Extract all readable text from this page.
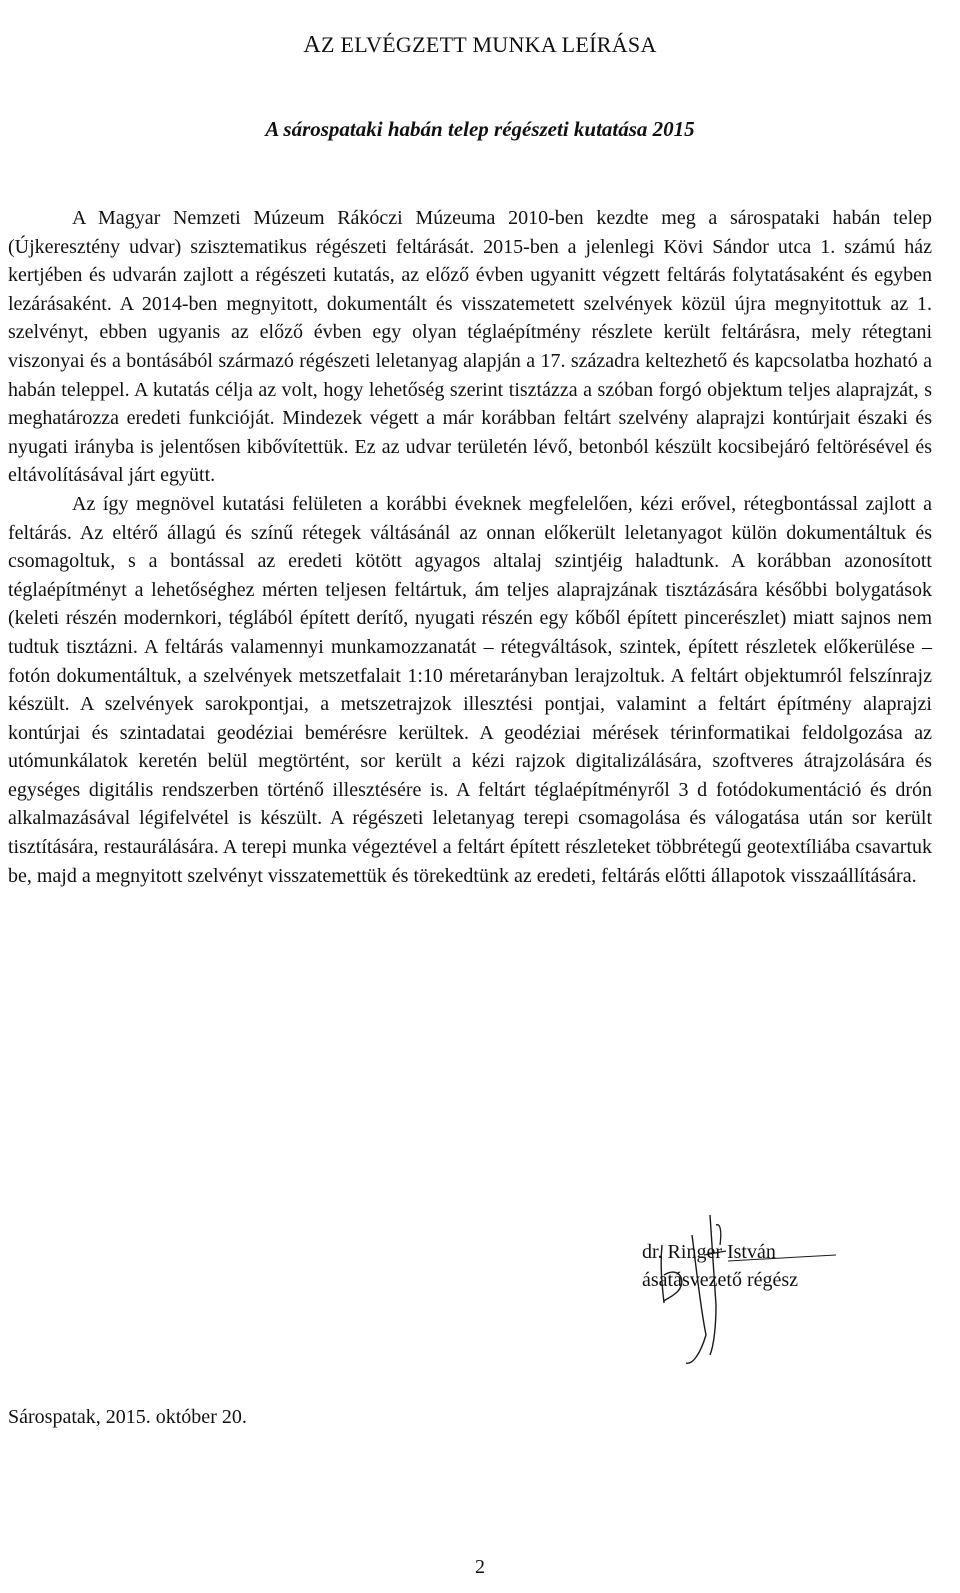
AZ ELVÉGZETT MUNKA LEÍRÁSA
A sárospataki habán telep régészeti kutatása 2015

A Magyar Nemzeti Múzeum Rákóczi Múzeuma 2010-ben kezdte meg a sárospataki habán telep (Újkeresztény udvar) szisztematikus régészeti feltárását. 2015-ben a jelenlegi Kövi Sándor utca 1. számú ház kertjében és udvarán zajlott a régészeti kutatás, az előző évben ugyanitt végzett feltárás folytatásaként és egyben lezárásaként. A 2014-ben megnyitott, dokumentált és visszatemetett szelvények közül újra megnyitottuk az 1. szelvényt, ebben ugyanis az előző évben egy olyan téglaépítmény részlete került feltárásra, mely rétegtani viszonyai és a bontásából származó régészeti leletanyag alapján a 17. századra keltezhető és kapcsolatba hozható a habán teleppel. A kutatás célja az volt, hogy lehetőség szerint tisztázza a szóban forgó objektum teljes alaprajzát, s meghatározza eredeti funkcióját. Mindezek végett a már korábban feltárt szelvény alaprajzi kontúrjait északi és nyugati irányba is jelentősen kibővítettük. Ez az udvar területén lévő, betonból készült kocsibejáró feltörésével és eltávolításával járt együtt.

Az így megnövel kutatási felületen a korábbi éveknek megfelelően, kézi erővel, rétegbontással zajlott a feltárás. Az eltérő állagú és színű rétegek váltásánál az onnan előkerült leletanyagot külön dokumentáltuk és csomagoltuk, s a bontással az eredeti kötött agyagos altalaj szintjéig haladtunk. A korábban azonosított téglaépítményt a lehetőséghez mérten teljesen feltártuk, ám teljes alaprajzának tisztázására későbbi bolygatások (keleti részén modernkori, téglából épített derítő, nyugati részén egy kőből épített pincerészlet) miatt sajnos nem tudtuk tisztázni. A feltárás valamennyi munkamozzanatát – rétegváltások, szintek, épített részletek előkerülése – fotón dokumentáltuk, a szelvények metszetfalait 1:10 méretarányban lerajzoltuk. A feltárt objektumról felszínrajz készült. A szelvények sarokpontjai, a metszetrajzok illesztési pontjai, valamint a feltárt építmény alaprajzi kontúrjai és szintadatai geodéziai bemérésre kerültek. A geodéziai mérések térinformatikai feldolgozása az utómunkálatok keretén belül megtörtént, sor került a kézi rajzok digitalizálására, szoftveres átrajzolására és egységes digitális rendszerben történő illesztésére is. A feltárt téglaépítményről 3 d fotódokumentáció és drón alkalmazásával légifelvétel is készült. A régészeti leletanyag terepi csomagolása és válogatása után sor került tisztítására, restaurálására. A terepi munka végeztével a feltárt épített részleteket többrétegű geotextíliába csavartuk be, majd a megnyitott szelvényt visszatemettük és törekedtünk az eredeti, feltárás előtti állapotok visszaállítására.

dr. Ringer István
ásatásvezető régész
Sárospatak, 2015. október 20.
2
